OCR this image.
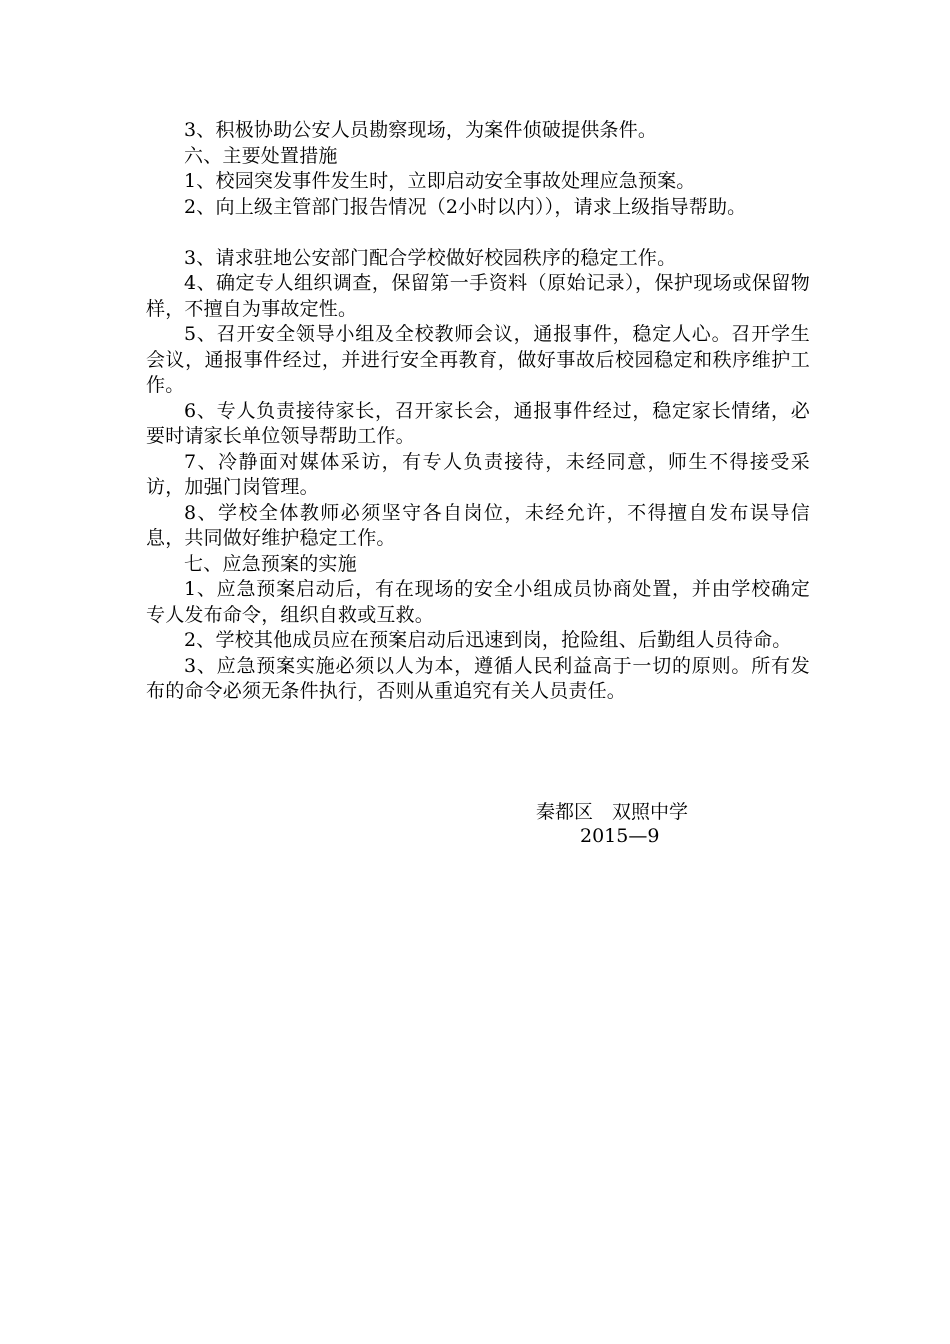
3、积极协助公安人员勘察现场，为案件侦破提供条件。

六、主要处置措施

1、校园突发事件发生时，立即启动安全事故处理应急预案。

2、向上级主管部门报告情况（2小时以内）），请求上级指导帮助。

3、请求驻地公安部门配合学校做好校园秩序的稳定工作。

4、确定专人组织调查，保留第一手资料（原始记录），保护现场或保留物样，不擅自为事故定性。

5、召开安全领导小组及全校教师会议，通报事件，稳定人心。召开学生会议，通报事件经过，并进行安全再教育，做好事故后校园稳定和秩序维护工作。

6、专人负责接待家长，召开家长会，通报事件经过，稳定家长情绪，必要时请家长单位领导帮助工作。

7、冷静面对媒体采访，有专人负责接待，未经同意，师生不得接受采访，加强门岗管理。

8、学校全体教师必须坚守各自岗位，未经允许，不得擅自发布误导信息，共同做好维护稳定工作。

七、应急预案的实施

1、应急预案启动后，有在现场的安全小组成员协商处置，并由学校确定专人发布命令，组织自救或互救。

2、学校其他成员应在预案启动后迅速到岗，抢险组、后勤组人员待命。

3、应急预案实施必须以人为本，遵循人民利益高于一切的原则。所有发布的命令必须无条件执行，否则从重追究有关人员责任。

秦都区　双照中学

2015—9
